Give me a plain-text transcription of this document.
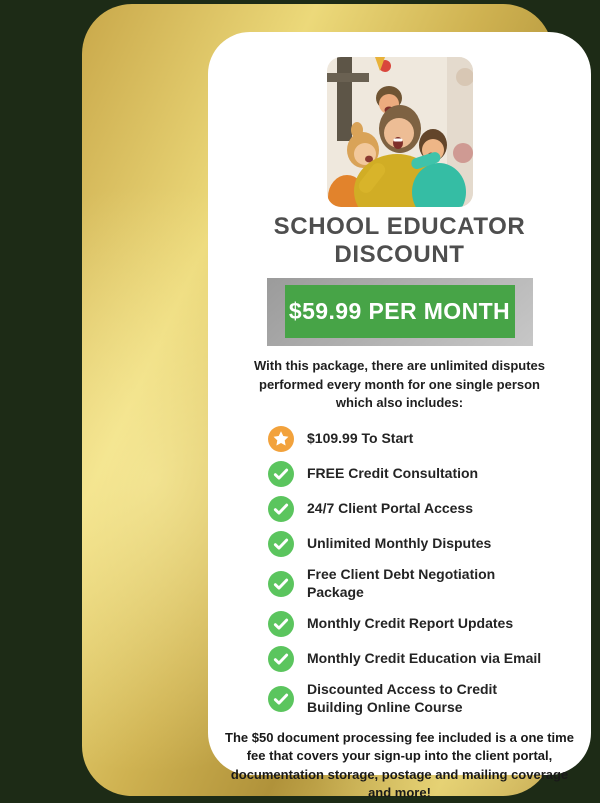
SCHOOL EDUCATOR DISCOUNT
$59.99 PER MONTH
With this package, there are unlimited disputes performed every month for one single person which also includes:
$109.99 To Start
FREE Credit Consultation
24/7 Client Portal Access
Unlimited Monthly Disputes
Free Client Debt Negotiation Package
Monthly Credit Report Updates
Monthly Credit Education via Email
Discounted Access to Credit Building Online Course
The $50 document processing fee included is a one time fee that covers your sign-up into the client portal, documentation storage, postage and mailing coverage and more!
